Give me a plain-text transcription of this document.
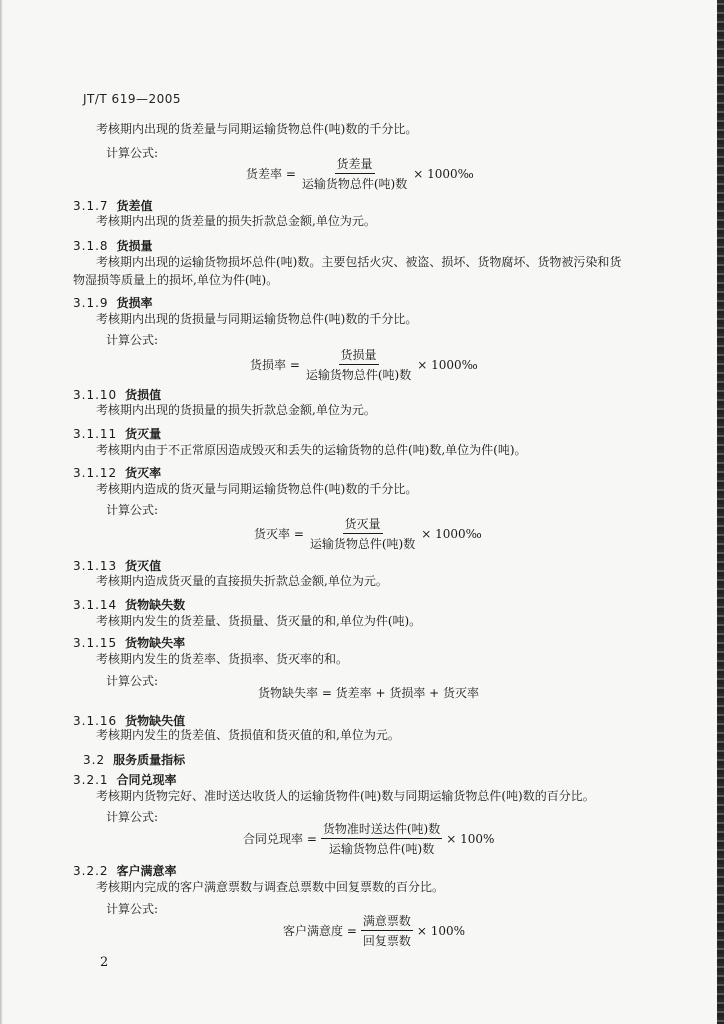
JT/T 619—2005
考核期内出现的货差量与同期运输货物总件(吨)数的千分比。
计算公式:
货差率 = $\frac{\text{货差量}}{\text{运输货物总件(吨)数}}$ × 1000‰
3.1.7 货差值
考核期内出现的货差量的损失折款总金额,单位为元。
3.1.8 货损量
考核期内出现的运输货物损坏总件(吨)数。主要包括火灾、被盗、损坏、货物腐坏、货物被污染和货
物湿损等质量上的损坏,单位为件(吨)。
3.1.9 货损率
考核期内出现的货损量与同期运输货物总件(吨)数的千分比。
计算公式:
货损率 = $\frac{\text{货损量}}{\text{运输货物总件(吨)数}}$ × 1000‰
3.1.10 货损值
考核期内出现的货损量的损失折款总金额,单位为元。
3.1.11 货灭量
考核期内由于不正常原因造成毁灭和丢失的运输货物的总件(吨)数,单位为件(吨)。
3.1.12 货灭率
考核期内造成的货灭量与同期运输货物总件(吨)数的千分比。
计算公式:
货灭率 = $\frac{\text{货灭量}}{\text{运输货物总件(吨)数}}$ × 1000‰
3.1.13 货灭值
考核期内造成货灭量的直接损失折款总金额,单位为元。
3.1.14 货物缺失数
考核期内发生的货差量、货损量、货灭量的和,单位为件(吨)。
3.1.15 货物缺失率
考核期内发生的货差率、货损率、货灭率的和。
计算公式:
货物缺失率 = 货差率 + 货损率 + 货灭率
3.1.16 货物缺失值
考核期内发生的货差值、货损值和货灭值的和,单位为元。
3.2 服务质量指标
3.2.1 合同兑现率
考核期内货物完好、准时送达收货人的运输货物件(吨)数与同期运输货物总件(吨)数的百分比。
计算公式:
合同兑现率 = $\frac{\text{货物准时送达件(吨)数}}{\text{运输货物总件(吨)数}} \times 100\%$
3.2.2 客户满意率
考核期内完成的客户满意票数与调查总票数中回复票数的百分比。
计算公式:
客户满意度 = $\frac{\text{满意票数}}{\text{回复票数}} \times 100\%$
2
